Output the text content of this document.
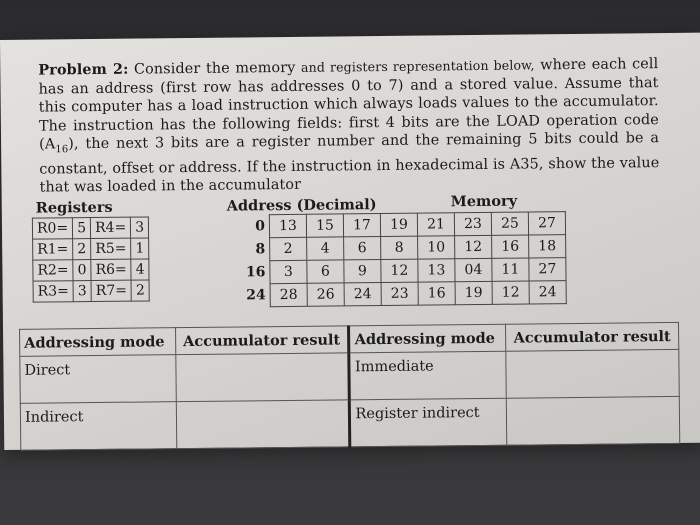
Problem 2: Consider the memory and registers representation below, where each cell has an address (first row has addresses 0 to 7) and a stored value. Assume that this computer has a load instruction which always loads values to the accumulator. The instruction has the following fields: first 4 bits are the LOAD operation code $(A_{16})$, the next 3 bits are a register number and the remaining 5 bits could be a constant, offset or address. If the instruction in hexadecimal is A35, show the value that was loaded in the accumulator
Registers
R0=	5	R4=	3
R1=	2	R5=	1
R2=	0	R6=	4
R3=	3	R7=	2
Address (Decimal)	Memory
0	13	15	17	19	21	23	25	27
8	2	4	6	8	10	12	16	18
16	3	6	9	12	13	04	11	27
24	28	26	24	23	16	19	12	24
Addressing mode	Accumulator result	Addressing mode	Accumulator result
Direct		Immediate	
Indirect		Register indirect	
